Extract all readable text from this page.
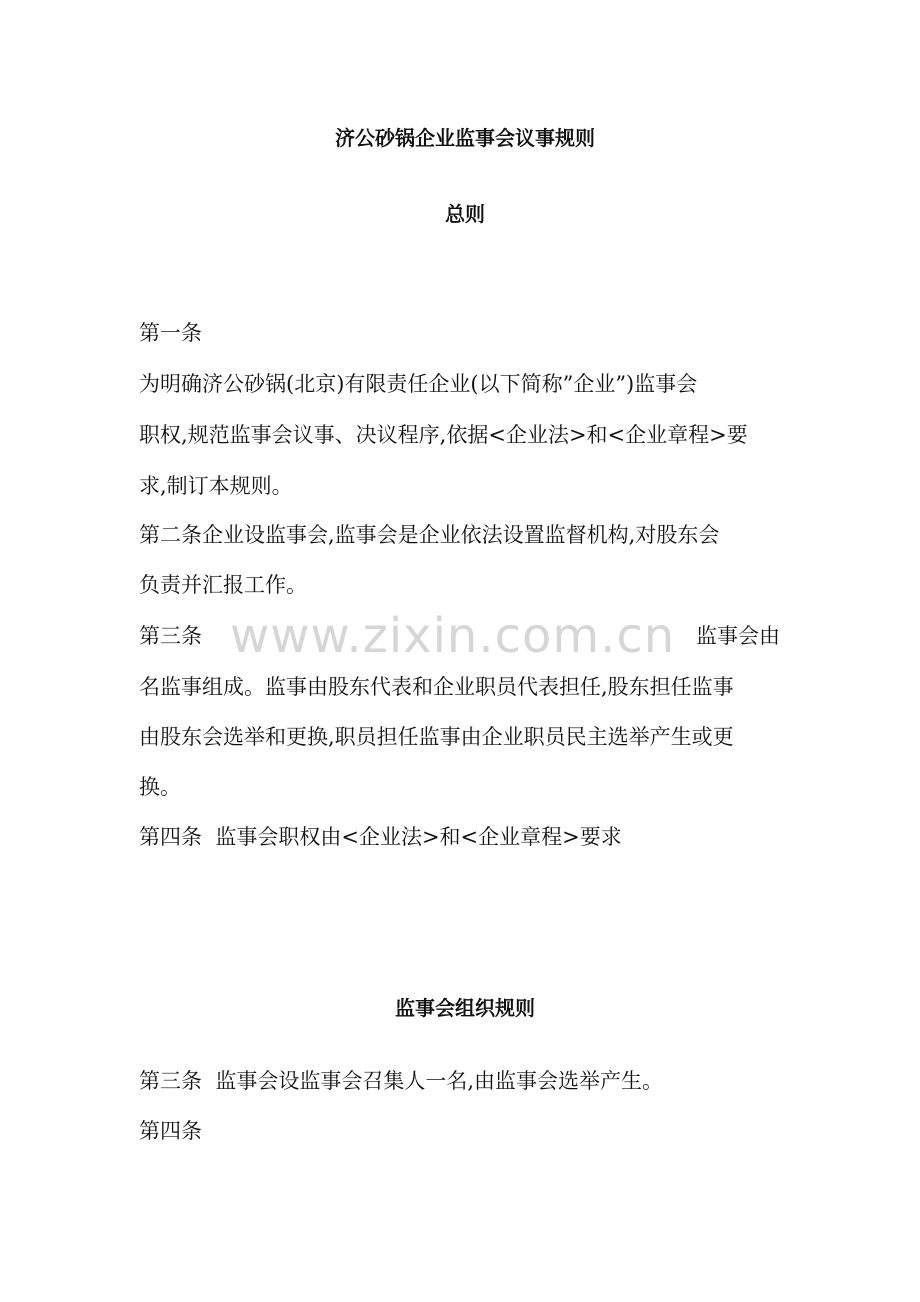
济公砂锅企业监事会议事规则
总则

第一条

为明确济公砂锅(北京)有限责任企业(以下简称”企业”)监事会

职权,规范监事会议事、决议程序,依据<企业法>和<企业章程>要

求,制订本规则。

第二条企业设监事会,监事会是企业依法设置监督机构,对股东会

负责并汇报工作。

第三条	监事会由

名监事组成。监事由股东代表和企业职员代表担任,股东担任监事

由股东会选举和更换,职员担任监事由企业职员民主选举产生或更

换。

第四条  监事会职权由<企业法>和<企业章程>要求

监事会组织规则

第三条  监事会设监事会召集人一名,由监事会选举产生。

第四条

www.zixin.com.cn
